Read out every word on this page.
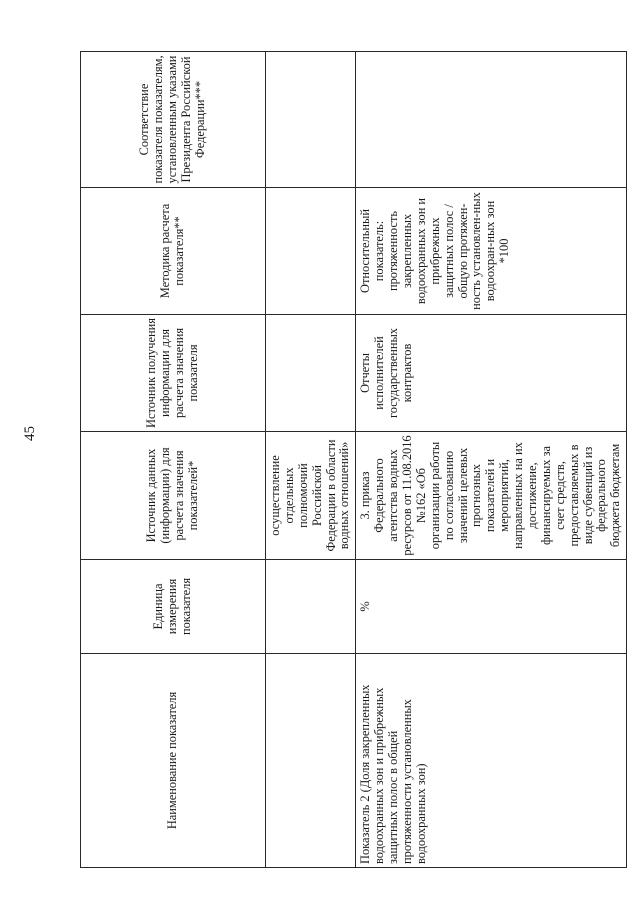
45
Наименование показателя	Единица измерения показателя	Источник данных (информации) для расчета значения показателей*	Источник получения информации для расчета значения показателя	Методика расчета показателя**	Соответствие показателя показателям, установленным указами Президента Российской Федерации***
		осуществление отдельных полномочий Российской Федерации в области водных отношений»			
Показатель 2 (Доля закрепленных водоохранных зон и прибрежных защитных полос в общей протяженности установленных водоохранных зон)	%	3. приказ Федерального агентства водных ресурсов от 11.08.2016 №162 «Об организации работы по согласованию значений целевых прогнозных показателей и мероприятий, направленных на их достижение, финансируемых за счет средств, предоставляемых в виде субвенций из федерального бюджета бюджетам	Отчеты исполнителей государственных контрактов	Относительный показатель: протяженность закрепленных водоохранных зон и прибрежных защитных полос / общую протяжен-ность установлен-ных водоохран-ных зон *100	
